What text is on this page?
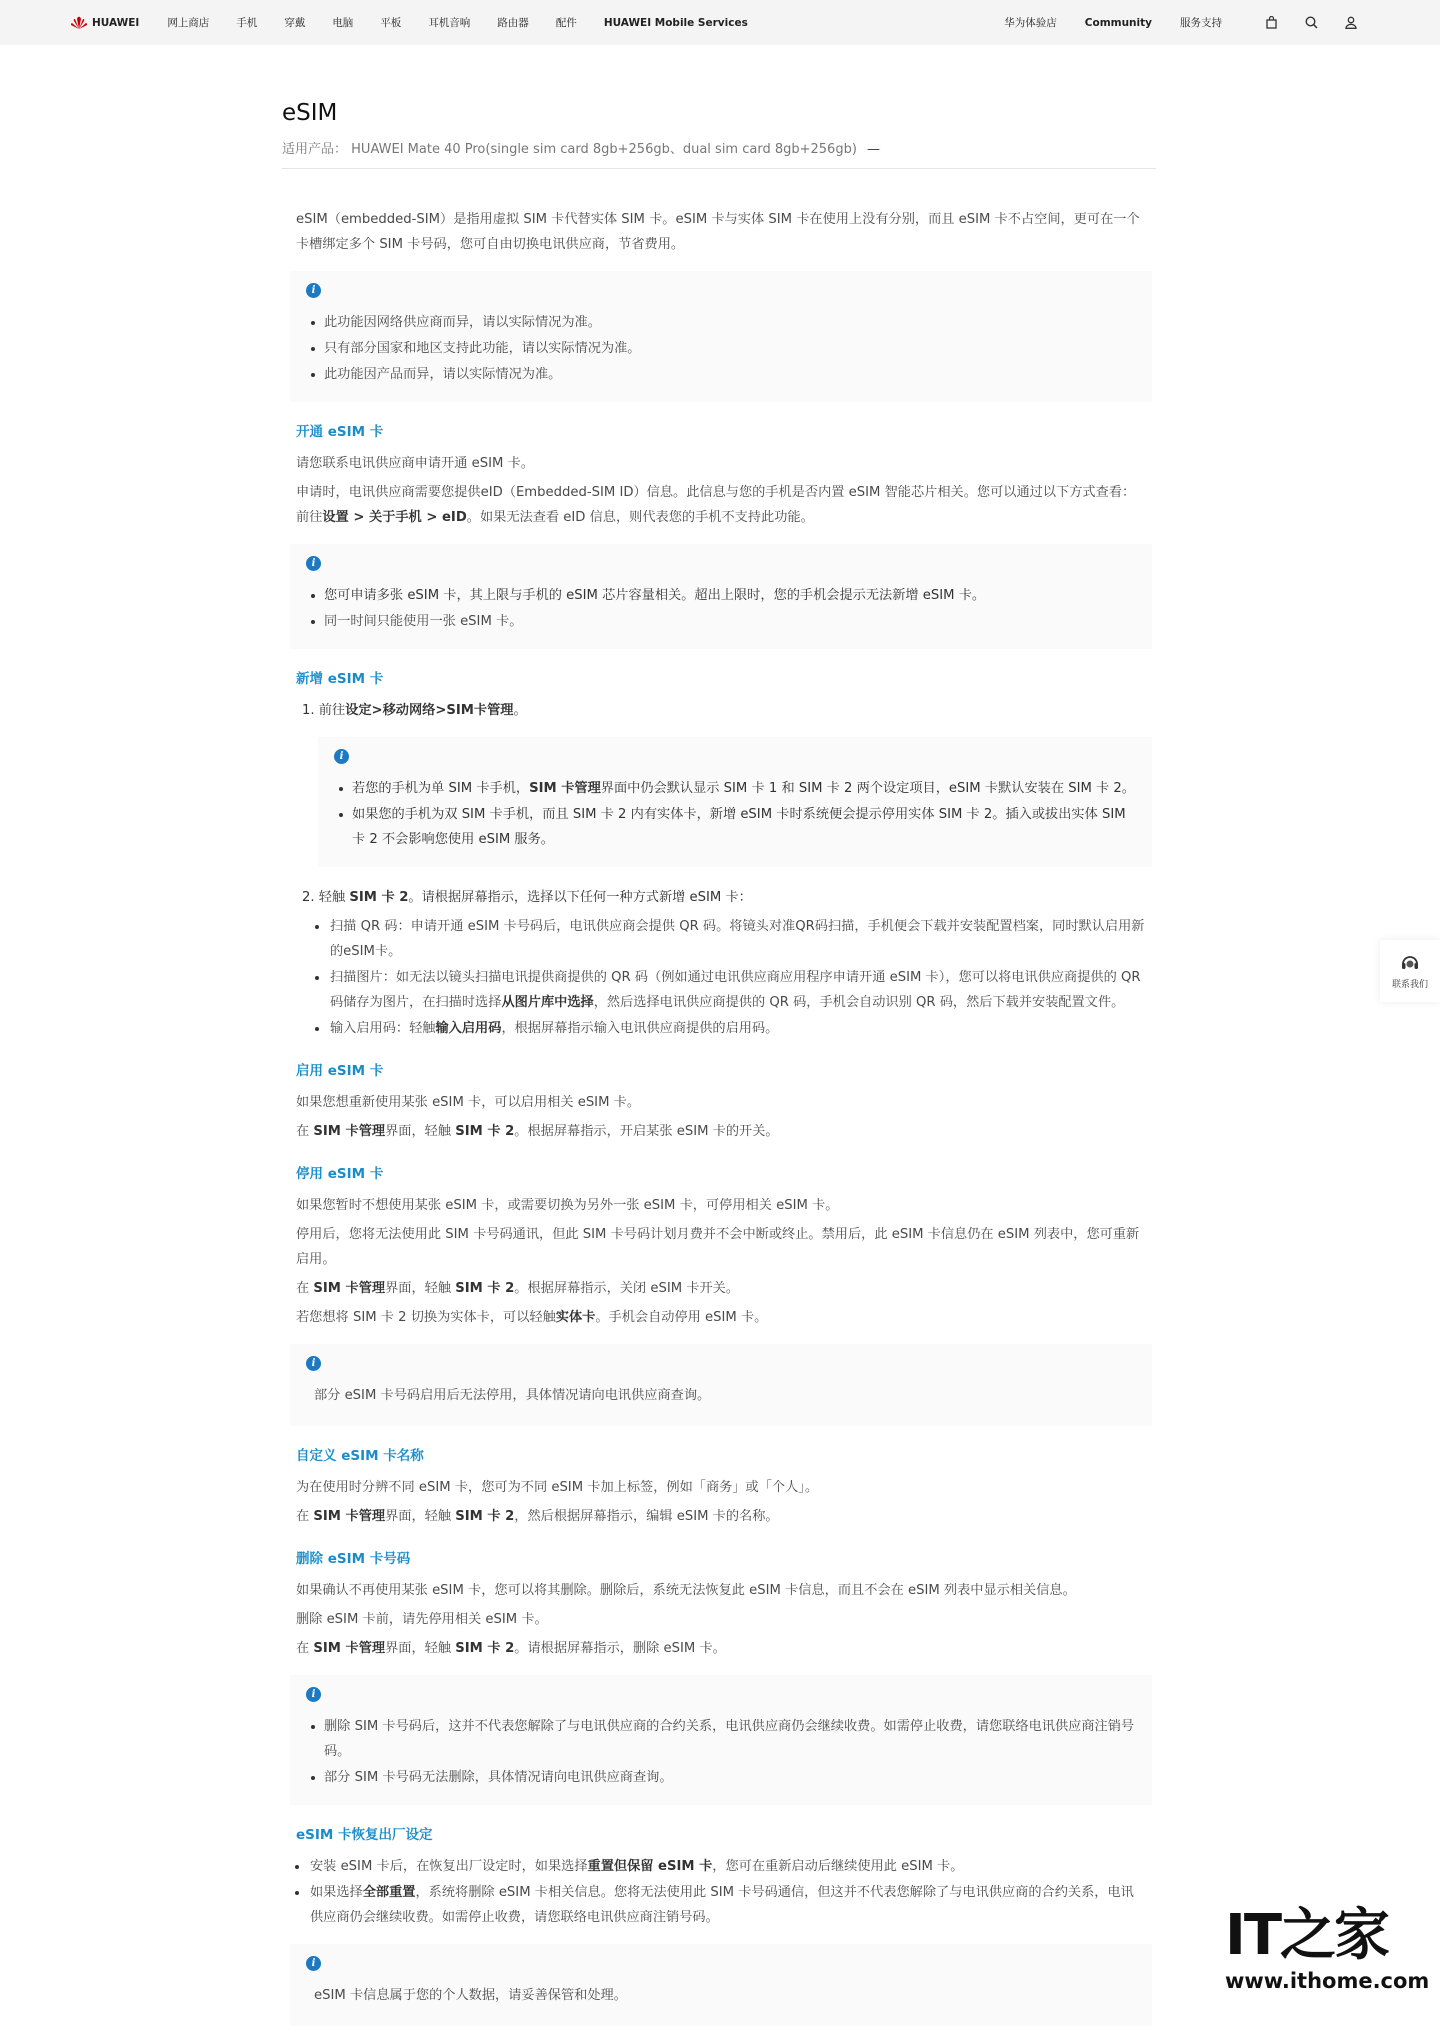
HUAWEI	网上商店	手机	穿戴	电脑	平板	耳机音响	路由器	配件	HUAWEI Mobile Services	华为体验店	Community	服务支持
eSIM
适用产品： HUAWEI Mate 40 Pro(single sim card 8gb+256gb、dual sim card 8gb+256gb) —

eSIM（embedded-SIM）是指用虚拟 SIM 卡代替实体 SIM 卡。eSIM 卡与实体 SIM 卡在使用上没有分别，而且 eSIM 卡不占空间，更可在一个卡槽绑定多个 SIM 卡号码，您可自由切换电讯供应商，节省费用。

i
此功能因网络供应商而异，请以实际情况为准。
只有部分国家和地区支持此功能，请以实际情况为准。
此功能因产品而异，请以实际情况为准。
开通 eSIM 卡

请您联系电讯供应商申请开通 eSIM 卡。

申请时，电讯供应商需要您提供eID（Embedded-SIM ID）信息。此信息与您的手机是否内置 eSIM 智能芯片相关。您可以通过以下方式查看：前往设置 > 关于手机 > eID。如果无法查看 eID 信息，则代表您的手机不支持此功能。

i
您可申请多张 eSIM 卡，其上限与手机的 eSIM 芯片容量相关。超出上限时，您的手机会提示无法新增 eSIM 卡。
同一时间只能使用一张 eSIM 卡。
新增 eSIM 卡

1. 前往设定>移动网络>SIM卡管理。

i
若您的手机为单 SIM 卡手机，SIM 卡管理界面中仍会默认显示 SIM 卡 1 和 SIM 卡 2 两个设定项目，eSIM 卡默认安装在 SIM 卡 2。
如果您的手机为双 SIM 卡手机，而且 SIM 卡 2 内有实体卡，新增 eSIM 卡时系统便会提示停用实体 SIM 卡 2。插入或拔出实体 SIM 卡 2 不会影响您使用 eSIM 服务。

2. 轻触 SIM 卡 2。请根据屏幕指示，选择以下任何一种方式新增 eSIM 卡：

扫描 QR 码：申请开通 eSIM 卡号码后，电讯供应商会提供 QR 码。将镜头对准QR码扫描，手机便会下载并安装配置档案，同时默认启用新的eSIM卡。
扫描图片：如无法以镜头扫描电讯提供商提供的 QR 码（例如通过电讯供应商应用程序申请开通 eSIM 卡），您可以将电讯供应商提供的 QR 码储存为图片，在扫描时选择从图片库中选择，然后选择电讯供应商提供的 QR 码，手机会自动识别 QR 码，然后下载并安装配置文件。
输入启用码：轻触输入启用码，根据屏幕指示输入电讯供应商提供的启用码。
启用 eSIM 卡

如果您想重新使用某张 eSIM 卡，可以启用相关 eSIM 卡。

在 SIM 卡管理界面，轻触 SIM 卡 2。根据屏幕指示，开启某张 eSIM 卡的开关。

停用 eSIM 卡

如果您暂时不想使用某张 eSIM 卡，或需要切换为另外一张 eSIM 卡，可停用相关 eSIM 卡。

停用后，您将无法使用此 SIM 卡号码通讯，但此 SIM 卡号码计划月费并不会中断或终止。禁用后，此 eSIM 卡信息仍在 eSIM 列表中，您可重新启用。

在 SIM 卡管理界面，轻触 SIM 卡 2。根据屏幕指示，关闭 eSIM 卡开关。

若您想将 SIM 卡 2 切换为实体卡，可以轻触实体卡。手机会自动停用 eSIM 卡。

i

部分 eSIM 卡号码启用后无法停用，具体情况请向电讯供应商查询。

自定义 eSIM 卡名称

为在使用时分辨不同 eSIM 卡，您可为不同 eSIM 卡加上标签，例如「商务」或「个人」。

在 SIM 卡管理界面，轻触 SIM 卡 2，然后根据屏幕指示，编辑 eSIM 卡的名称。

删除 eSIM 卡号码

如果确认不再使用某张 eSIM 卡，您可以将其删除。删除后，系统无法恢复此 eSIM 卡信息，而且不会在 eSIM 列表中显示相关信息。

删除 eSIM 卡前，请先停用相关 eSIM 卡。

在 SIM 卡管理界面，轻触 SIM 卡 2。请根据屏幕指示，删除 eSIM 卡。

i
删除 SIM 卡号码后，这并不代表您解除了与电讯供应商的合约关系，电讯供应商仍会继续收费。如需停止收费，请您联络电讯供应商注销号码。
部分 SIM 卡号码无法删除，具体情况请向电讯供应商查询。
eSIM 卡恢复出厂设定
安装 eSIM 卡后，在恢复出厂设定时，如果选择重置但保留 eSIM 卡，您可在重新启动后继续使用此 eSIM 卡。
如果选择全部重置，系统将删除 eSIM 卡相关信息。您将无法使用此 SIM 卡号码通信，但这并不代表您解除了与电讯供应商的合约关系，电讯供应商仍会继续收费。如需停止收费，请您联络电讯供应商注销号码。
i

eSIM 卡信息属于您的个人数据，请妥善保管和处理。

联系我们
IT之家
www.ithome.com
